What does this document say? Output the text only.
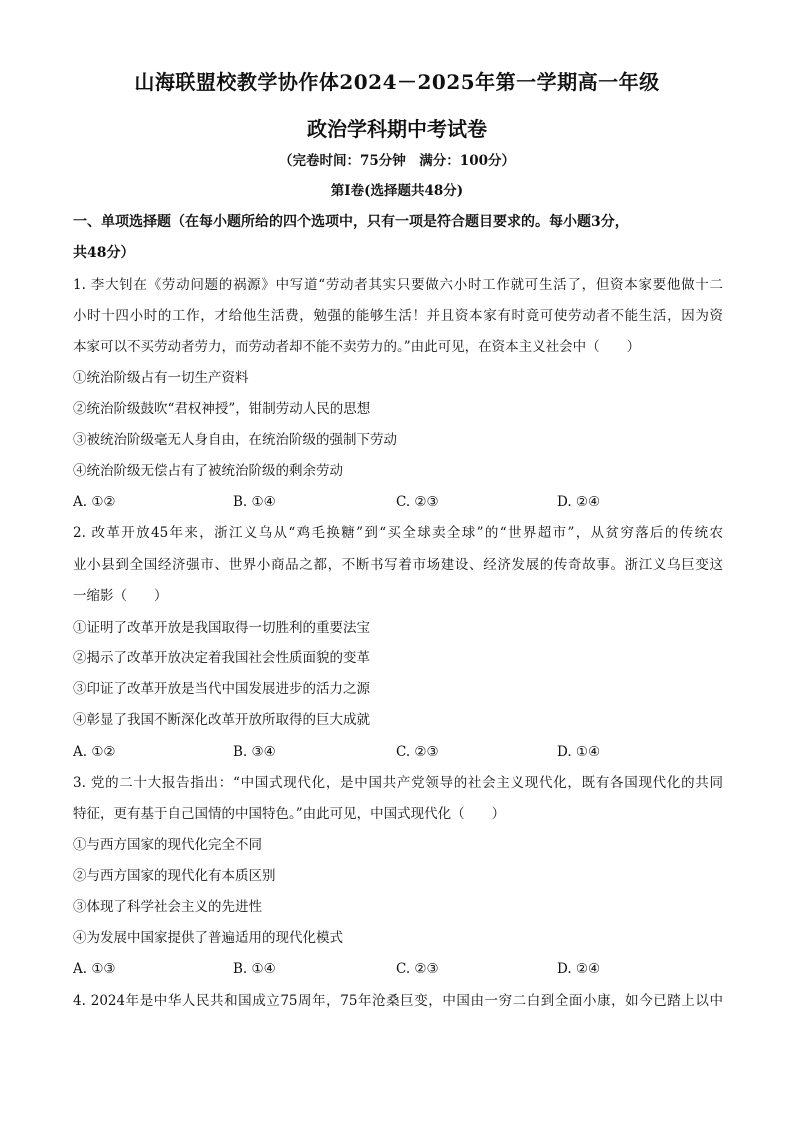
山海联盟校教学协作体2024－2025年第一学期高一年级
政治学科期中考试卷
（完卷时间：75分钟　满分：100分）
第Ⅰ卷(选择题共48分)
一、单项选择题（在每小题所给的四个选项中，只有一项是符合题目要求的。每小题3分，
共48分）
1. 李大钊在《劳动问题的祸源》中写道“劳动者其实只要做六小时工作就可生活了，但资本家要他做十二
小时十四小时的工作，才给他生活费，勉强的能够生活！并且资本家有时竟可使劳动者不能生活，因为资
本家可以不买劳动者劳力，而劳动者却不能不卖劳力的。”由此可见，在资本主义社会中（　　）
①统治阶级占有一切生产资料
②统治阶级鼓吹“君权神授”，钳制劳动人民的思想
③被统治阶级毫无人身自由，在统治阶级的强制下劳动
④统治阶级无偿占有了被统治阶级的剩余劳动
A. ①②	B. ①④	C. ②③	D. ②④
2. 改革开放45年来，浙江义乌从“鸡毛换糖”到“买全球卖全球”的“世界超市”，从贫穷落后的传统农
业小县到全国经济强市、世界小商品之都，不断书写着市场建设、经济发展的传奇故事。浙江义乌巨变这
一缩影（　　）
①证明了改革开放是我国取得一切胜利的重要法宝
②揭示了改革开放决定着我国社会性质面貌的变革
③印证了改革开放是当代中国发展进步的活力之源
④彰显了我国不断深化改革开放所取得的巨大成就
A. ①②	B. ③④	C. ②③	D. ①④
3. 党的二十大报告指出：“中国式现代化，是中国共产党领导的社会主义现代化，既有各国现代化的共同
特征，更有基于自己国情的中国特色。”由此可见，中国式现代化（　　）
①与西方国家的现代化完全不同
②与西方国家的现代化有本质区别
③体现了科学社会主义的先进性
④为发展中国家提供了普遍适用的现代化模式
A. ①③	B. ①④	C. ②③	D. ②④
4. 2024年是中华人民共和国成立75周年，75年沧桑巨变，中国由一穷二白到全面小康，如今已踏上以中
